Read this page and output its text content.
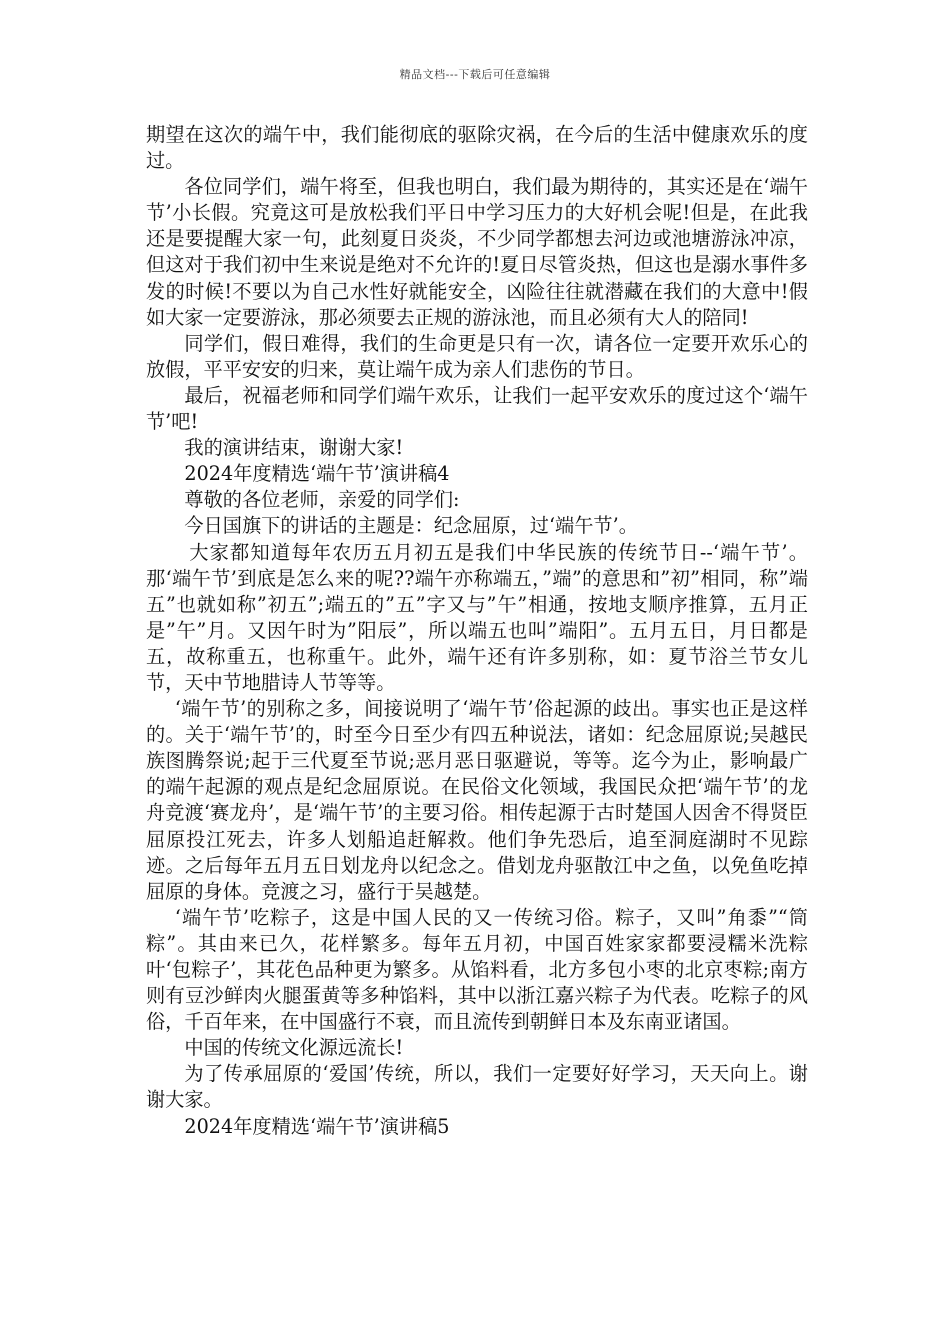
精品文档---下载后可任意编辑

期望在这次的端午中，我们能彻底的驱除灾祸，在今后的生活中健康欢乐的度过。

各位同学们，端午将至，但我也明白，我们最为期待的，其实还是在‘端午节’小长假。究竟这可是放松我们平日中学习压力的大好机会呢!但是，在此我还是要提醒大家一句，此刻夏日炎炎，不少同学都想去河边或池塘游泳冲凉，但这对于我们初中生来说是绝对不允许的!夏日尽管炎热，但这也是溺水事件多发的时候!不要以为自己水性好就能安全，凶险往往就潜藏在我们的大意中!假如大家一定要游泳，那必须要去正规的游泳池，而且必须有大人的陪同!

同学们，假日难得，我们的生命更是只有一次，请各位一定要开欢乐心的放假，平平安安的归来，莫让端午成为亲人们悲伤的节日。

最后，祝福老师和同学们端午欢乐，让我们一起平安欢乐的度过这个‘端午节’吧!

我的演讲结束，谢谢大家!

2024年度精选‘端午节’演讲稿4

尊敬的各位老师，亲爱的同学们:

今日国旗下的讲话的主题是：纪念屈原，过‘端午节’。

大家都知道每年农历五月初五是我们中华民族的传统节日--‘端午节’。那‘端午节’到底是怎么来的呢??端午亦称端五，”端”的意思和”初”相同，称”端五”也就如称”初五”;端五的”五”字又与”午”相通，按地支顺序推算，五月正是”午”月。又因午时为”阳辰”，所以端五也叫”端阳”。五月五日，月日都是五，故称重五，也称重午。此外，端午还有许多别称，如：夏节浴兰节女儿节，天中节地腊诗人节等等。

‘端午节’的别称之多，间接说明了‘端午节’俗起源的歧出。事实也正是这样的。关于‘端午节’的，时至今日至少有四五种说法，诸如：纪念屈原说;吴越民族图腾祭说;起于三代夏至节说;恶月恶日驱避说，等等。迄今为止，影响最广的端午起源的观点是纪念屈原说。在民俗文化领域，我国民众把‘端午节’的龙舟竞渡‘赛龙舟’，是‘端午节’的主要习俗。相传起源于古时楚国人因舍不得贤臣屈原投江死去，许多人划船追赶解救。他们争先恐后，追至洞庭湖时不见踪迹。之后每年五月五日划龙舟以纪念之。借划龙舟驱散江中之鱼，以免鱼吃掉屈原的身体。竞渡之习，盛行于吴越楚。

‘端午节’吃粽子，这是中国人民的又一传统习俗。粽子，又叫”角黍”“筒粽”。其由来已久，花样繁多。每年五月初，中国百姓家家都要浸糯米洗粽叶‘包粽子’，其花色品种更为繁多。从馅料看，北方多包小枣的北京枣粽;南方则有豆沙鲜肉火腿蛋黄等多种馅料，其中以浙江嘉兴粽子为代表。吃粽子的风俗，千百年来，在中国盛行不衰，而且流传到朝鲜日本及东南亚诸国。

中国的传统文化源远流长!

为了传承屈原的‘爱国’传统，所以，我们一定要好好学习，天天向上。谢谢大家。

2024年度精选‘端午节’演讲稿5
